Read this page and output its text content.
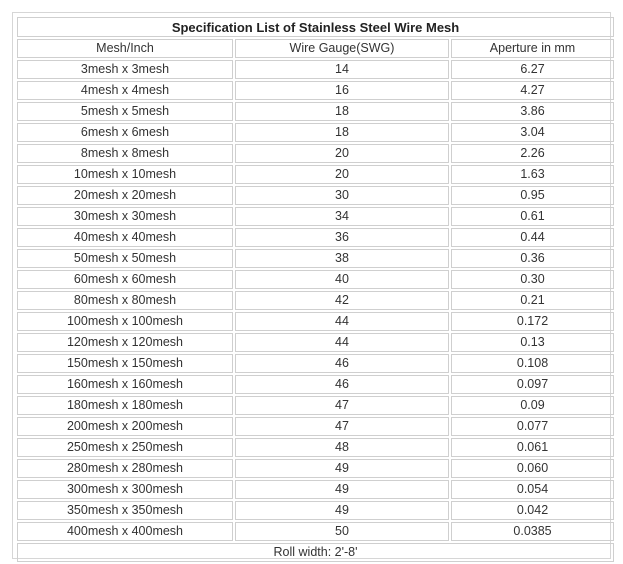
Specification List of Stainless Steel Wire Mesh		
Mesh/Inch	Wire Gauge(SWG)	Aperture in mm
3mesh x 3mesh	14	6.27
4mesh x 4mesh	16	4.27
5mesh x 5mesh	18	3.86
6mesh x 6mesh	18	3.04
8mesh x 8mesh	20	2.26
10mesh x 10mesh	20	1.63
20mesh x 20mesh	30	0.95
30mesh x 30mesh	34	0.61
40mesh x 40mesh	36	0.44
50mesh x 50mesh	38	0.36
60mesh x 60mesh	40	0.30
80mesh x 80mesh	42	0.21
100mesh x 100mesh	44	0.172
120mesh x 120mesh	44	0.13
150mesh x 150mesh	46	0.108
160mesh x 160mesh	46	0.097
180mesh x 180mesh	47	0.09
200mesh x 200mesh	47	0.077
250mesh x 250mesh	48	0.061
280mesh x 280mesh	49	0.060
300mesh x 300mesh	49	0.054
350mesh x 350mesh	49	0.042
400mesh x 400mesh	50	0.0385
Roll width: 2'-8'		
